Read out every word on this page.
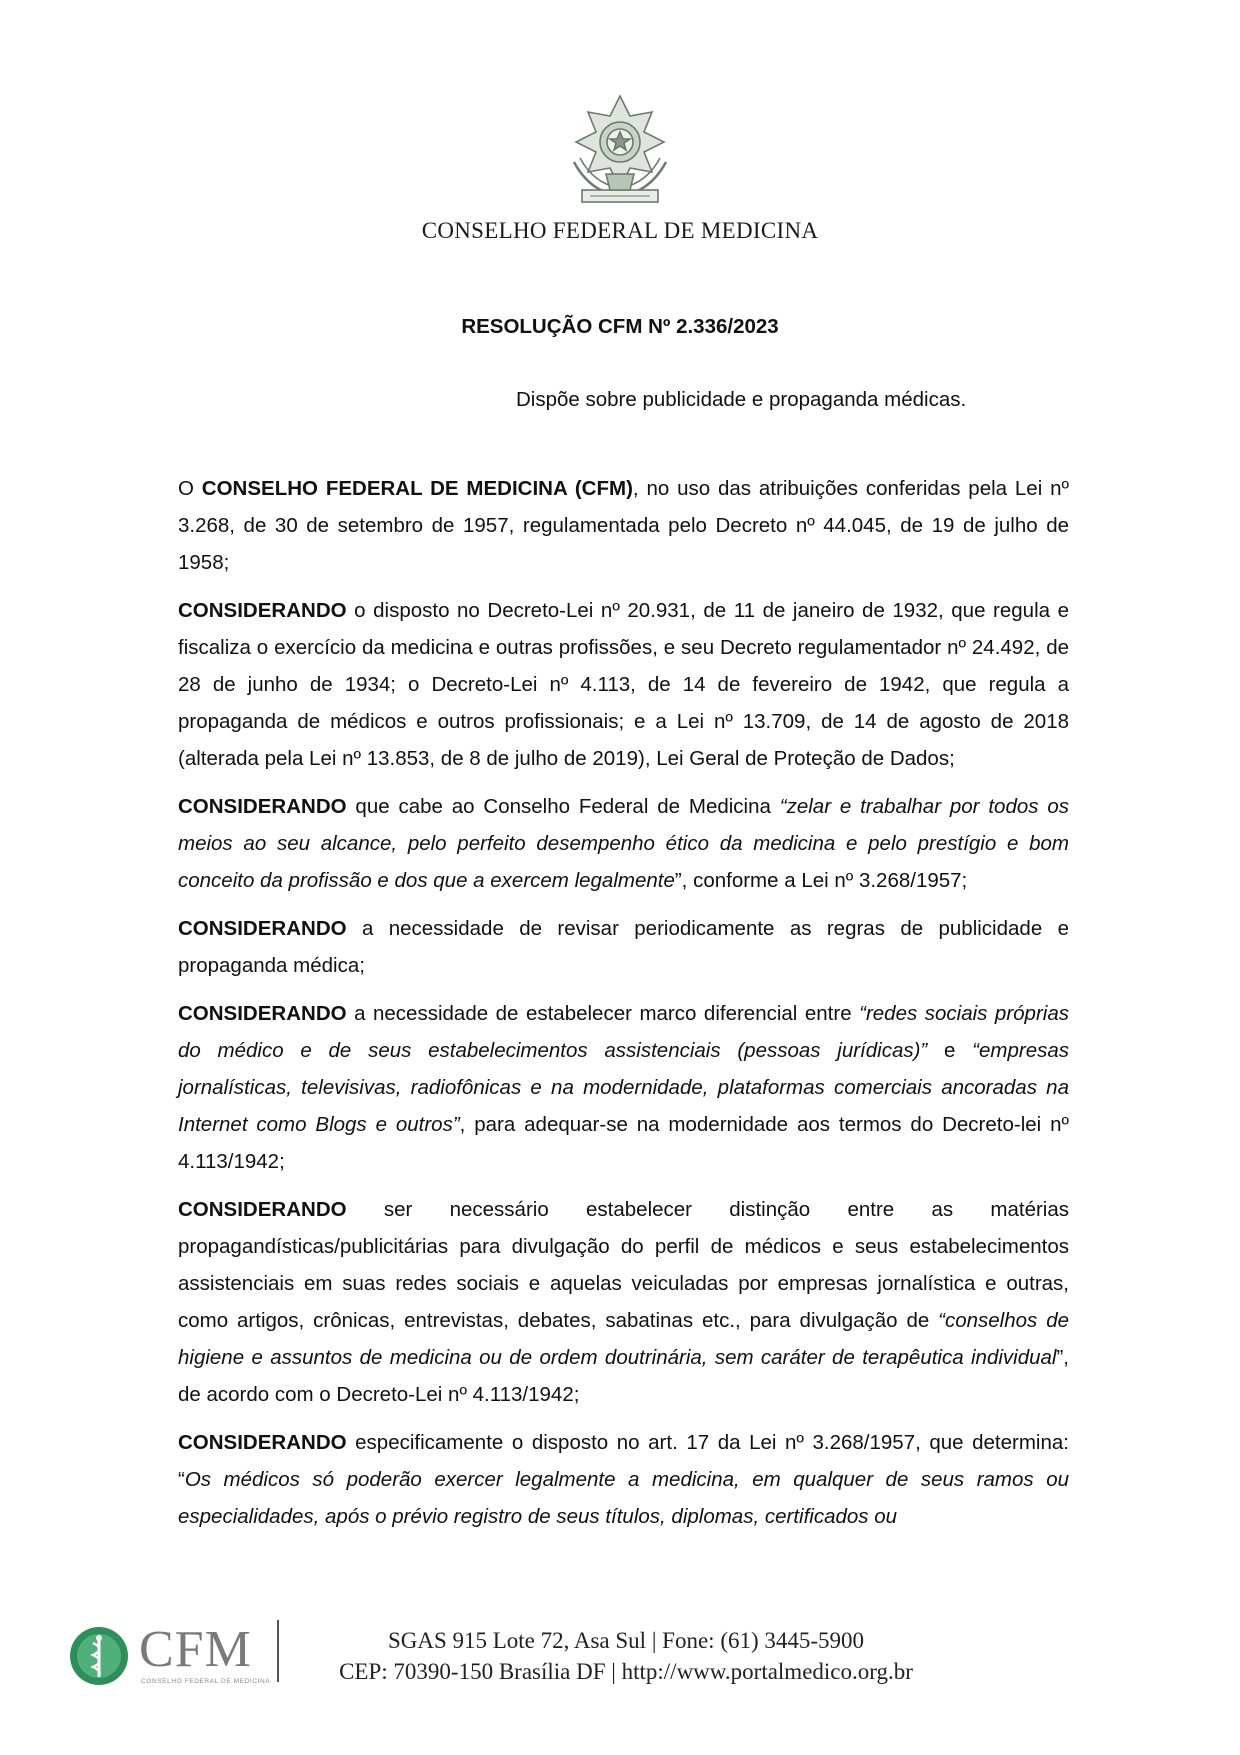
CONSELHO FEDERAL DE MEDICINA
RESOLUÇÃO CFM Nº 2.336/2023
Dispõe sobre publicidade e propaganda médicas.

O CONSELHO FEDERAL DE MEDICINA (CFM), no uso das atribuições conferidas pela Lei nº 3.268, de 30 de setembro de 1957, regulamentada pelo Decreto nº 44.045, de 19 de julho de 1958;

CONSIDERANDO o disposto no Decreto-Lei nº 20.931, de 11 de janeiro de 1932, que regula e fiscaliza o exercício da medicina e outras profissões, e seu Decreto regulamentador nº 24.492, de 28 de junho de 1934; o Decreto-Lei nº 4.113, de 14 de fevereiro de 1942, que regula a propaganda de médicos e outros profissionais; e a Lei nº 13.709, de 14 de agosto de 2018 (alterada pela Lei nº 13.853, de 8 de julho de 2019), Lei Geral de Proteção de Dados;

CONSIDERANDO que cabe ao Conselho Federal de Medicina “zelar e trabalhar por todos os meios ao seu alcance, pelo perfeito desempenho ético da medicina e pelo prestígio e bom conceito da profissão e dos que a exercem legalmente”, conforme a Lei nº 3.268/1957;

CONSIDERANDO a necessidade de revisar periodicamente as regras de publicidade e propaganda médica;

CONSIDERANDO a necessidade de estabelecer marco diferencial entre “redes sociais próprias do médico e de seus estabelecimentos assistenciais (pessoas jurídicas)” e “empresas jornalísticas, televisivas, radiofônicas e na modernidade, plataformas comerciais ancoradas na Internet como Blogs e outros”, para adequar-se na modernidade aos termos do Decreto-lei nº 4.113/1942;

CONSIDERANDO ser necessário estabelecer distinção entre as matérias propagandísticas/publicitárias para divulgação do perfil de médicos e seus estabelecimentos assistenciais em suas redes sociais e aquelas veiculadas por empresas jornalística e outras, como artigos, crônicas, entrevistas, debates, sabatinas etc., para divulgação de “conselhos de higiene e assuntos de medicina ou de ordem doutrinária, sem caráter de terapêutica individual”, de acordo com o Decreto-Lei nº 4.113/1942;

CONSIDERANDO especificamente o disposto no art. 17 da Lei nº 3.268/1957, que determina: “Os médicos só poderão exercer legalmente a medicina, em qualquer de seus ramos ou especialidades, após o prévio registro de seus títulos, diplomas, certificados ou

CFM
CONSELHO FEDERAL DE MEDICINA
SGAS 915 Lote 72, Asa Sul | Fone: (61) 3445-5900
CEP: 70390-150 Brasília DF | http://www.portalmedico.org.br
